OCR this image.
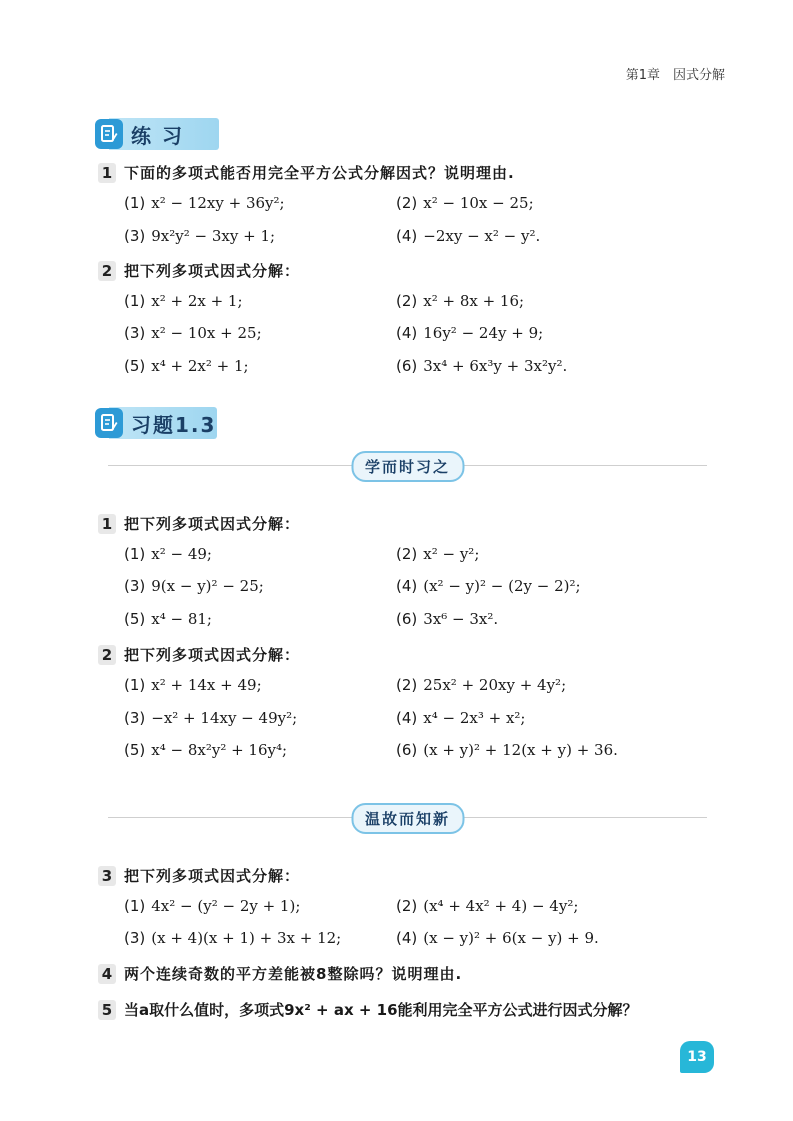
第1章　因式分解
练 习
1 下面的多项式能否用完全平方公式分解因式？说明理由.
(1) x² − 12xy + 36y²;	(2) x² − 10x − 25;
(3) 9x²y² − 3xy + 1;	(4) −2xy − x² − y².
2 把下列多项式因式分解：
(1) x² + 2x + 1;	(2) x² + 8x + 16;
(3) x² − 10x + 25;	(4) 16y² − 24y + 9;
(5) x⁴ + 2x² + 1;	(6) 3x⁴ + 6x³y + 3x²y².
习题1.3
学而时习之
1 把下列多项式因式分解：
(1) x² − 49;	(2) x² − y²;
(3) 9(x − y)² − 25;	(4) (x² − y)² − (2y − 2)²;
(5) x⁴ − 81;	(6) 3x⁶ − 3x².
2 把下列多项式因式分解：
(1) x² + 14x + 49;	(2) 25x² + 20xy + 4y²;
(3) −x² + 14xy − 49y²;	(4) x⁴ − 2x³ + x²;
(5) x⁴ − 8x²y² + 16y⁴;	(6) (x + y)² + 12(x + y) + 36.
温故而知新
3 把下列多项式因式分解：
(1) 4x² − (y² − 2y + 1);	(2) (x⁴ + 4x² + 4) − 4y²;
(3) (x + 4)(x + 1) + 3x + 12;	(4) (x − y)² + 6(x − y) + 9.
4 两个连续奇数的平方差能被8整除吗？说明理由.
5 当a取什么值时，多项式9x² + ax + 16能利用完全平方公式进行因式分解？
13
